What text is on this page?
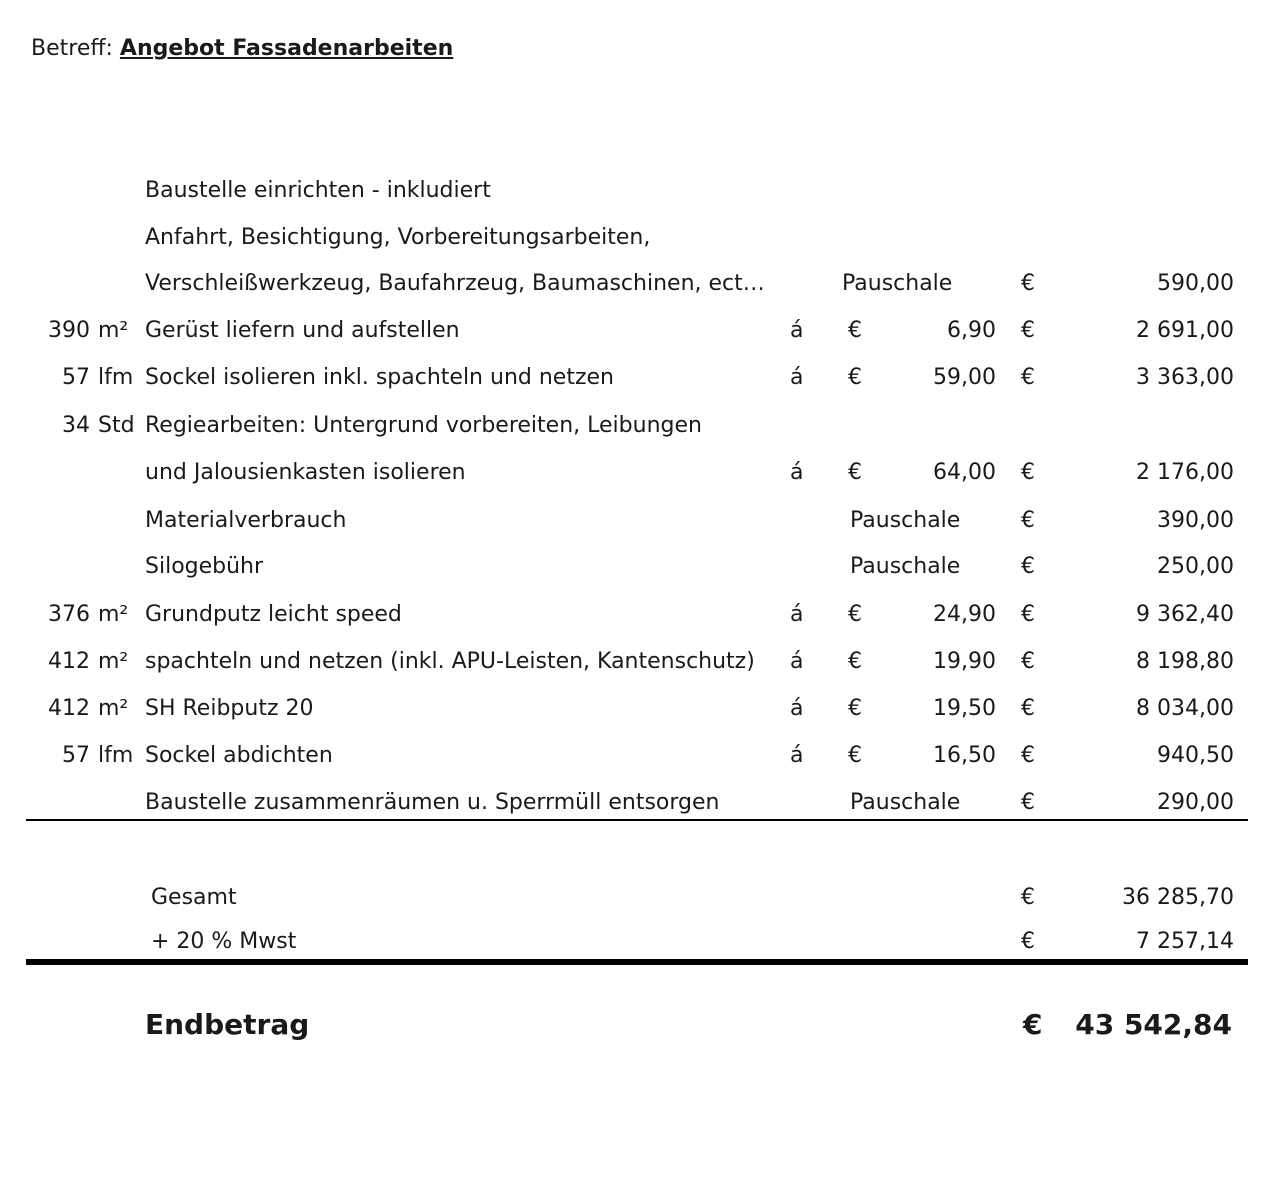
Betreff: Angebot Fassadenarbeiten
Baustelle einrichten - inkludiert
Anfahrt, Besichtigung, Vorbereitungsarbeiten,
Verschleißwerkzeug, Baufahrzeug, Baumaschinen, ect…	Pauschale	€	590,00
390 m² Gerüst liefern und aufstellen	á €	6,90 €	2 691,00
57 lfm Sockel isolieren inkl. spachteln und netzen	á €	59,00 €	3 363,00
34 Std Regiearbeiten: Untergrund vorbereiten, Leibungen
und Jalousienkasten isolieren	á €	64,00 €	2 176,00
Materialverbrauch	Pauschale	€	390,00
Silogebühr	Pauschale	€	250,00
376 m² Grundputz leicht speed	á €	24,90 €	9 362,40
412 m² spachteln und netzen (inkl. APU-Leisten, Kantenschutz) á €	19,90 €	8 198,80
412 m² SH Reibputz 20	á €	19,50 €	8 034,00
57 lfm Sockel abdichten	á €	16,50 €	940,50
Baustelle zusammenräumen u. Sperrmüll entsorgen	Pauschale	€	290,00
Gesamt	€	36 285,70
+ 20 % Mwst	€	7 257,14
Endbetrag	€	43 542,84
